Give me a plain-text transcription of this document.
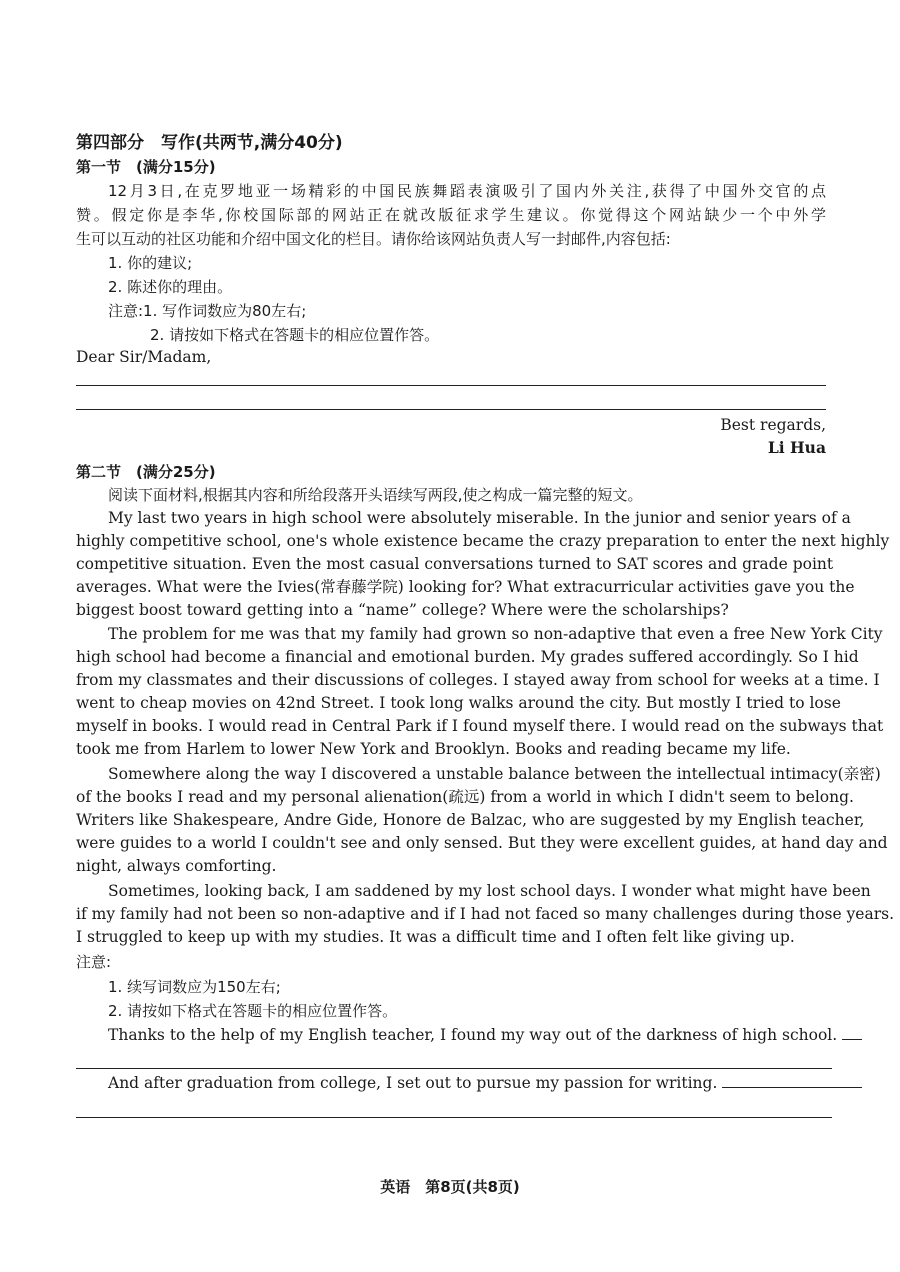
第四部分　写作(共两节,满分40分)
第一节　(满分15分)
12月3日,在克罗地亚一场精彩的中国民族舞蹈表演吸引了国内外关注,获得了中国外交官的点
赞。假定你是李华,你校国际部的网站正在就改版征求学生建议。你觉得这个网站缺少一个中外学
生可以互动的社区功能和介绍中国文化的栏目。请你给该网站负责人写一封邮件,内容包括:
1. 你的建议;
2. 陈述你的理由。
注意:1. 写作词数应为80左右;
2. 请按如下格式在答题卡的相应位置作答。
Dear Sir/Madam,
Best regards,
Li Hua
第二节　(满分25分)
阅读下面材料,根据其内容和所给段落开头语续写两段,使之构成一篇完整的短文。
My last two years in high school were absolutely miserable. In the junior and senior years of a
highly competitive school, one's whole existence became the crazy preparation to enter the next highly
competitive situation. Even the most casual conversations turned to SAT scores and grade point
averages. What were the Ivies(常春藤学院) looking for? What extracurricular activities gave you the
biggest boost toward getting into a “name” college? Where were the scholarships?
The problem for me was that my family had grown so non-adaptive that even a free New York City
high school had become a financial and emotional burden. My grades suffered accordingly. So I hid
from my classmates and their discussions of colleges. I stayed away from school for weeks at a time. I
went to cheap movies on 42nd Street. I took long walks around the city. But mostly I tried to lose
myself in books. I would read in Central Park if I found myself there. I would read on the subways that
took me from Harlem to lower New York and Brooklyn. Books and reading became my life.
Somewhere along the way I discovered a unstable balance between the intellectual intimacy(亲密)
of the books I read and my personal alienation(疏远) from a world in which I didn't seem to belong.
Writers like Shakespeare, Andre Gide, Honore de Balzac, who are suggested by my English teacher,
were guides to a world I couldn't see and only sensed. But they were excellent guides, at hand day and
night, always comforting.
Sometimes, looking back, I am saddened by my lost school days. I wonder what might have been
if my family had not been so non-adaptive and if I had not faced so many challenges during those years.
I struggled to keep up with my studies. It was a difficult time and I often felt like giving up.
注意:
1. 续写词数应为150左右;
2. 请按如下格式在答题卡的相应位置作答。
Thanks to the help of my English teacher, I found my way out of the darkness of high school.
And after graduation from college, I set out to pursue my passion for writing.
英语　第8页(共8页)
